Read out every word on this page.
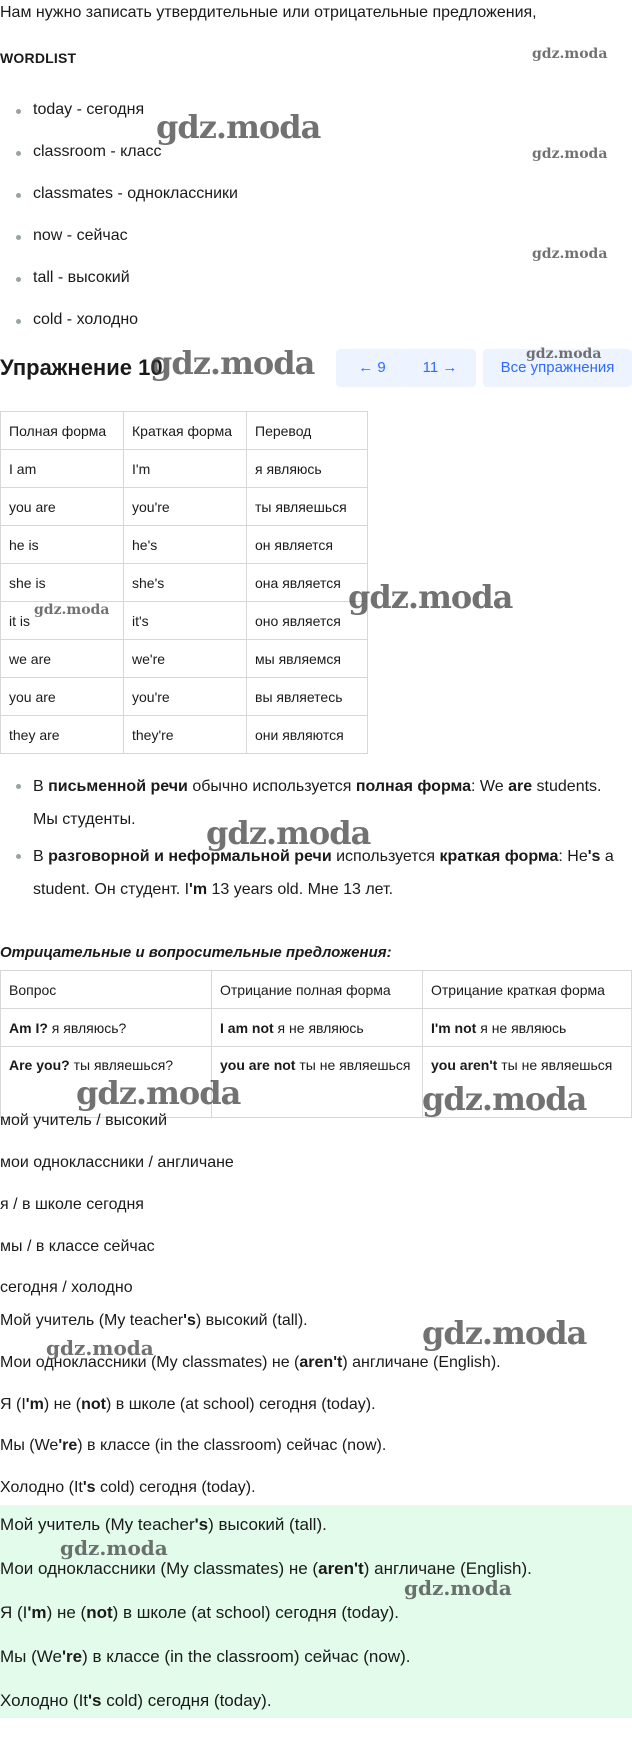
Нам нужно записать утвердительные или отрицательные предложения,
WORDLIST
today - сегодня
classroom - класс
classmates - одноклассники
now - сейчас
tall - высокий
cold - холодно
Упражнение 10	← 9	11 →	Все упражнения
Полная форма	Краткая форма	Перевод
I am	I'm	я являюсь
you are	you're	ты являешься
he is	he's	он является
she is	she's	она является
it is	it's	оно является
we are	we're	мы являемся
you are	you're	вы являетесь
they are	they're	они являются
В письменной речи обычно используется полная форма: We are students. Мы студенты.
В разговорной и неформальной речи используется краткая форма: He's a student. Он студент. I'm 13 years old. Мне 13 лет.
Отрицательные и вопросительные предложения:
Вопрос	Отрицание полная форма	Отрицание краткая форма
Am I? я являюсь?	I am not я не являюсь	I'm not я не являюсь
Are you? ты являешься?	you are not ты не являешься	you aren't ты не являешься
мой учитель / высокий
мои одноклассники / англичане
я / в школе сегодня
мы / в классе сейчас
сегодня / холодно
Мой учитель (My teacher's) высокий (tall).
Мои одноклассники (My classmates) не (aren't) англичане (English).
Я (I'm) не (not) в школе (at school) сегодня (today).
Мы (We're) в классе (in the classroom) сейчас (now).
Холодно (It's cold) сегодня (today).
Мой учитель (My teacher's) высокий (tall).
Мои одноклассники (My classmates) не (aren't) англичане (English).
Я (I'm) не (not) в школе (at school) сегодня (today).
Мы (We're) в классе (in the classroom) сейчас (now).
Холодно (It's cold) сегодня (today).
gdz.moda
gdz.moda
gdz.moda
gdz.moda
gdz.moda
gdz.moda
gdz.moda
gdz.moda
gdz.moda
gdz.moda	gdz.moda
gdz.moda
gdz.moda
gdz.moda
gdz.moda
